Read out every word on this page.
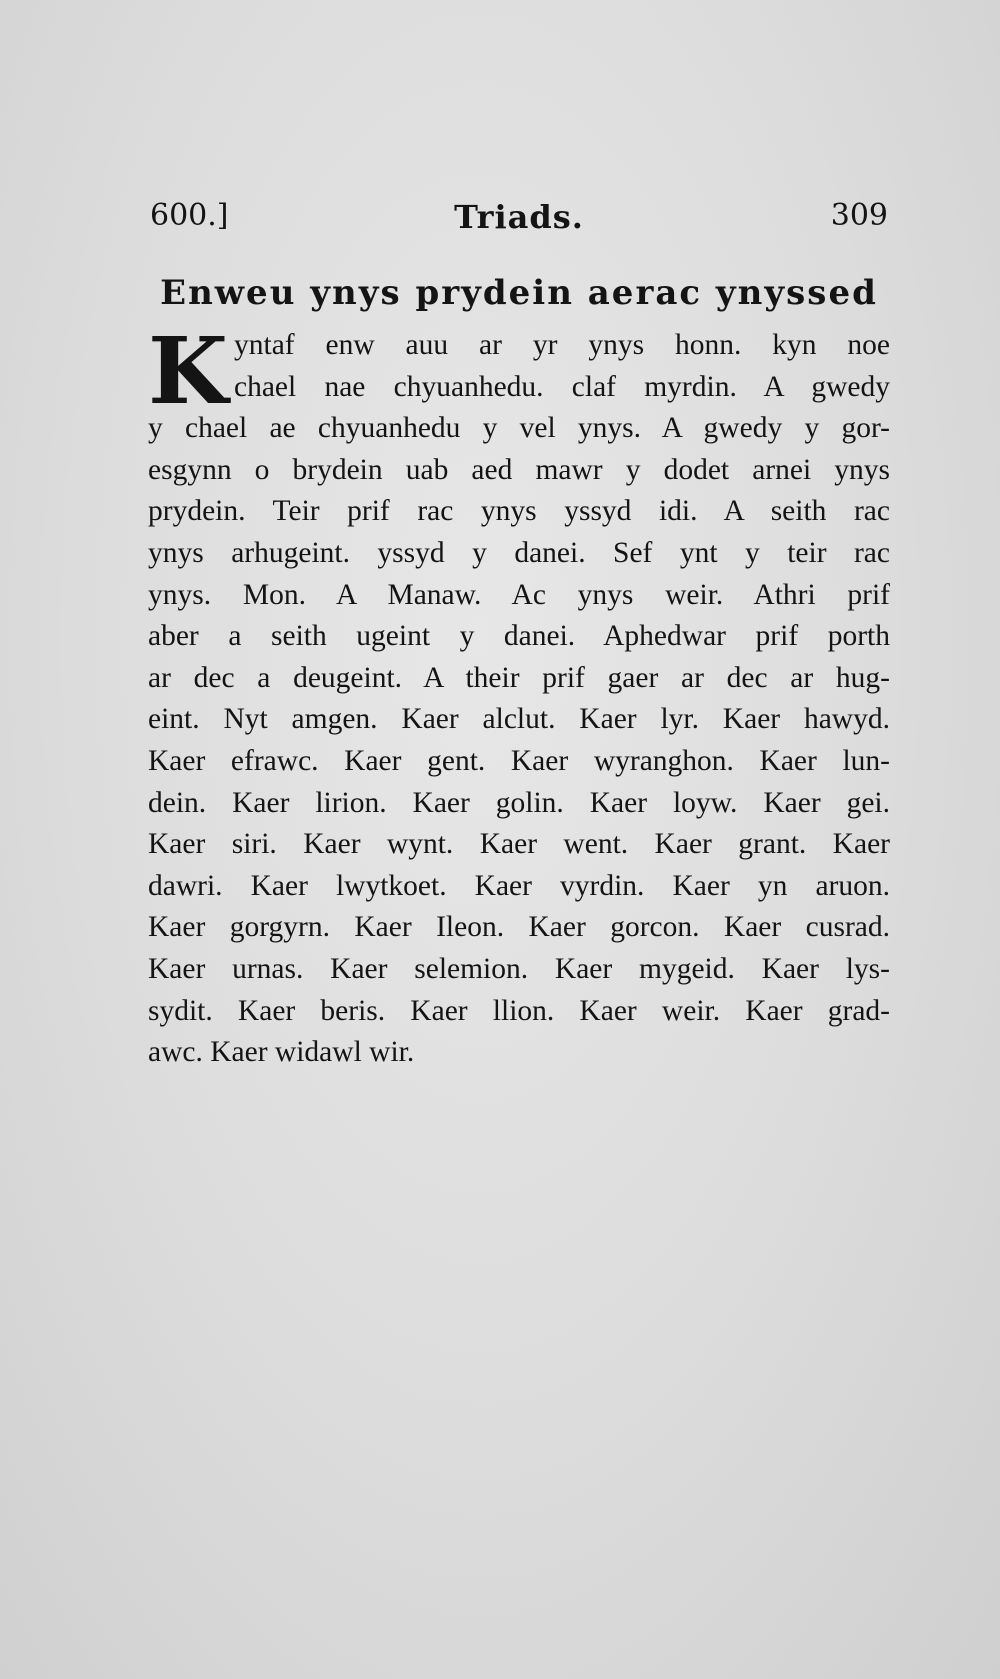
600.]	Triads.	309
Enweu ynys prydein aerac ynyssed
K yntaf enw auu ar yr ynys honn. kyn noe
chael nae chyuanhedu. claf myrdin. A gwedy
y chael ae chyuanhedu y vel ynys. A gwedy y gor-
esgynn o brydein uab aed mawr y dodet arnei ynys
prydein. Teir prif rac ynys yssyd idi. A seith rac
ynys arhugeint. yssyd y danei. Sef ynt y teir rac
ynys. Mon. A Manaw. Ac ynys weir. Athri prif
aber a seith ugeint y danei. Aphedwar prif porth
ar dec a deugeint. A their prif gaer ar dec ar hug-
eint. Nyt amgen. Kaer alclut. Kaer lyr. Kaer hawyd.
Kaer efrawc. Kaer gent. Kaer wyranghon. Kaer lun-
dein. Kaer lirion. Kaer golin. Kaer loyw. Kaer gei.
Kaer siri. Kaer wynt. Kaer went. Kaer grant. Kaer
dawri. Kaer lwytkoet. Kaer vyrdin. Kaer yn aruon.
Kaer gorgyrn. Kaer Ileon. Kaer gorcon. Kaer cusrad.
Kaer urnas. Kaer selemion. Kaer mygeid. Kaer lys-
sydit. Kaer beris. Kaer llion. Kaer weir. Kaer grad-
awc. Kaer widawl wir.
